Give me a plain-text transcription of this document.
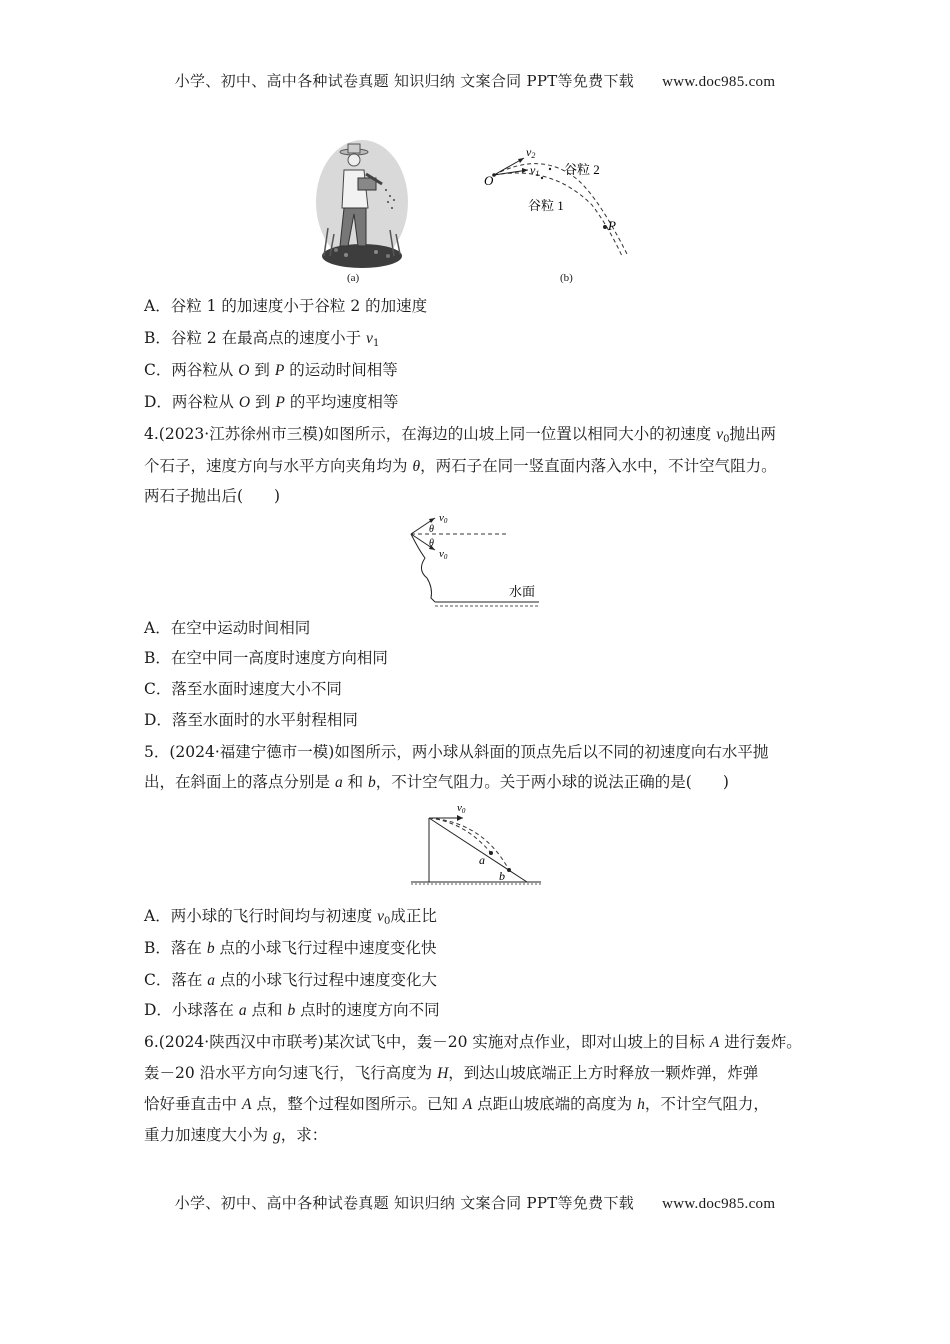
小学、初中、高中各种试卷真题 知识归纳 文案合同 PPT等免费下载 www.doc985.com
(a)
O
P
v2
v1 谷粒 2
谷粒 1
(b)
A．谷粒 1 的加速度小于谷粒 2 的加速度
B．谷粒 2 在最高点的速度小于 $v_1$
C．两谷粒从 O 到 P 的运动时间相等
D．两谷粒从 O 到 P 的平均速度相等
4.(2023·江苏徐州市三模)如图所示，在海边的山坡上同一位置以相同大小的初速度 $v_0$抛出两
个石子，速度方向与水平方向夹角均为 θ，两石子在同一竖直面内落入水中，不计空气阻力。
两石子抛出后(　　)
v0
θ
θ
v0
水面
A．在空中运动时间相同
B．在空中同一高度时速度方向相同
C．落至水面时速度大小不同
D．落至水面时的水平射程相同
5．(2024·福建宁德市一模)如图所示，两小球从斜面的顶点先后以不同的初速度向右水平抛
出，在斜面上的落点分别是 a 和 b，不计空气阻力。关于两小球的说法正确的是(　　)
v0
a
b
A．两小球的飞行时间均与初速度 $v_0$成正比
B．落在 b 点的小球飞行过程中速度变化快
C．落在 a 点的小球飞行过程中速度变化大
D．小球落在 a 点和 b 点时的速度方向不同
6.(2024·陕西汉中市联考)某次试飞中，轰－20 实施对点作业，即对山坡上的目标 A 进行轰炸。
轰－20 沿水平方向匀速飞行，飞行高度为 H，到达山坡底端正上方时释放一颗炸弹，炸弹
恰好垂直击中 A 点，整个过程如图所示。已知 A 点距山坡底端的高度为 h，不计空气阻力，
重力加速度大小为 g，求：
小学、初中、高中各种试卷真题 知识归纳 文案合同 PPT等免费下载 www.doc985.com
